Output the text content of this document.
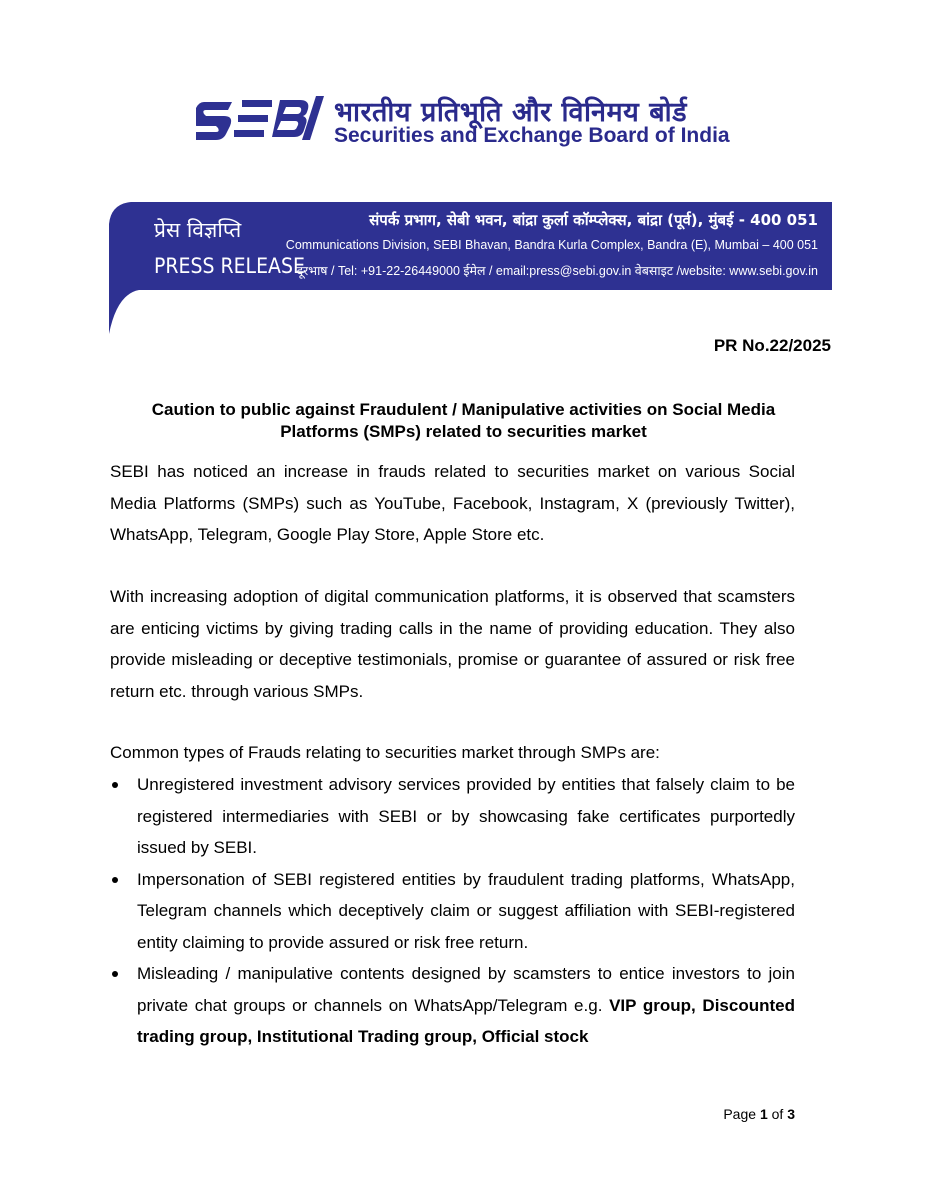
भारतीय प्रतिभूति और विनिमय बोर्ड
Securities and Exchange Board of India
प्रेस विज्ञप्ति
PRESS RELEASE
संपर्क प्रभाग, सेबी भवन, बांद्रा कुर्ला कॉम्प्लेक्स, बांद्रा (पूर्व), मुंबई - 400 051
Communications Division, SEBI Bhavan, Bandra Kurla Complex, Bandra (E), Mumbai – 400 051
दूरभाष / Tel: +91-22-26449000 ईमेल / email:press@sebi.gov.in वेबसाइट /website: www.sebi.gov.in
PR No.22/2025
Caution to public against Fraudulent / Manipulative activities on Social Media
Platforms (SMPs) related to securities market

SEBI has noticed an increase in frauds related to securities market on various Social Media Platforms (SMPs) such as YouTube, Facebook, Instagram, X (previously Twitter), WhatsApp, Telegram, Google Play Store, Apple Store etc.

With increasing adoption of digital communication platforms, it is observed that scamsters are enticing victims by giving trading calls in the name of providing education. They also provide misleading or deceptive testimonials, promise or guarantee of assured or risk free return etc. through various SMPs.

Common types of Frauds relating to securities market through SMPs are:

Unregistered investment advisory services provided by entities that falsely claim to be registered intermediaries with SEBI or by showcasing fake certificates purportedly issued by SEBI.
Impersonation of SEBI registered entities by fraudulent trading platforms, WhatsApp, Telegram channels which deceptively claim or suggest affiliation with SEBI-registered entity claiming to provide assured or risk free return.
Misleading / manipulative contents designed by scamsters to entice investors to join private chat groups or channels on WhatsApp/Telegram e.g. VIP group, Discounted trading group, Institutional Trading group, Official stock
Page 1 of 3
